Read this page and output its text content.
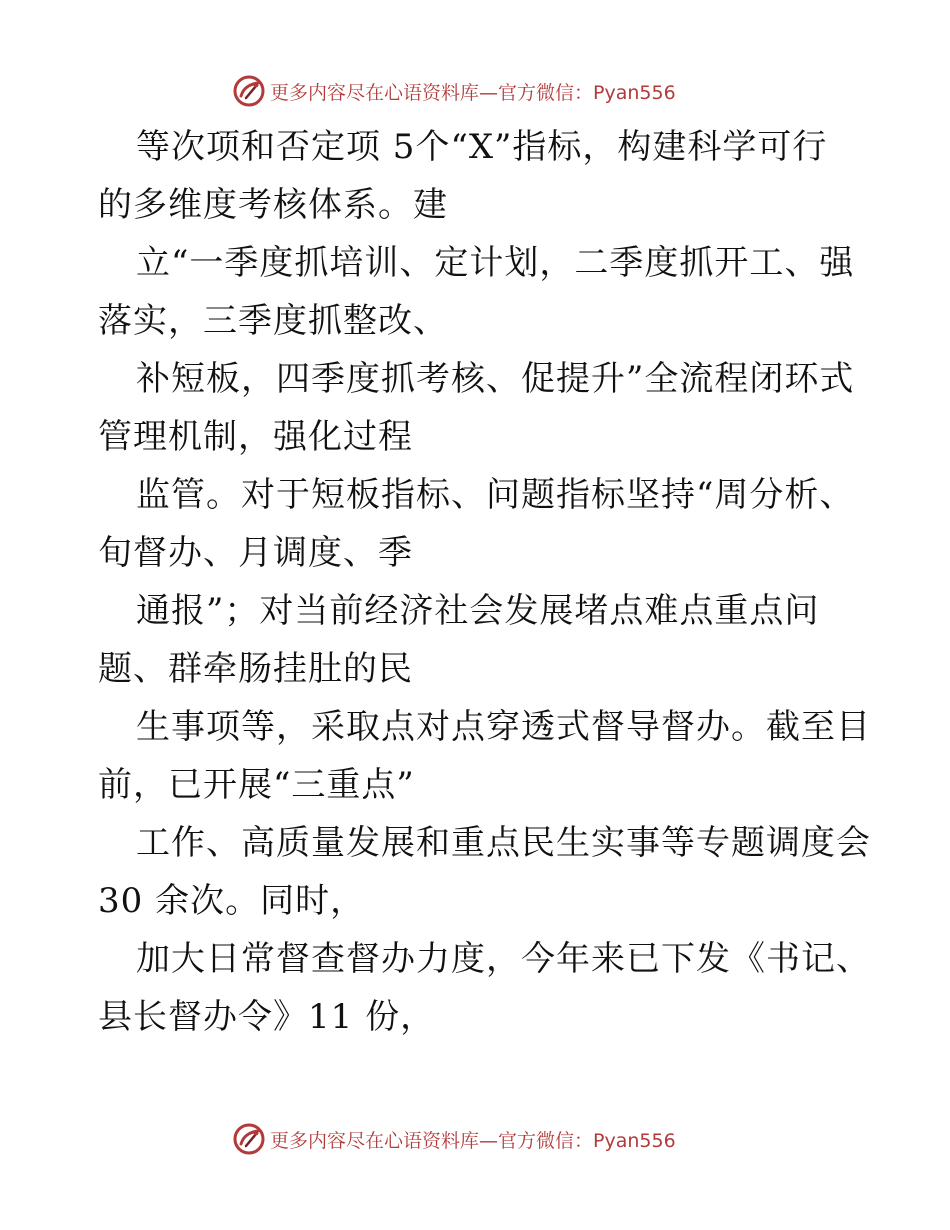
更多内容尽在心语资料库—官方微信：Pyan556
等次项和否定项 5个“X”指标，构建科学可行
的多维度考核体系。建
立“一季度抓培训、定计划，二季度抓开工、强
落实，三季度抓整改、
补短板，四季度抓考核、促提升”全流程闭环式
管理机制，强化过程
监管。对于短板指标、问题指标坚持“周分析、
旬督办、月调度、季
通报”；对当前经济社会发展堵点难点重点问
题、群牵肠挂肚的民
生事项等，采取点对点穿透式督导督办。截至目
前，已开展“三重点”
工作、高质量发展和重点民生实事等专题调度会
30 余次。同时，
加大日常督查督办力度，今年来已下发《书记、
县长督办令》11 份，
更多内容尽在心语资料库—官方微信：Pyan556
